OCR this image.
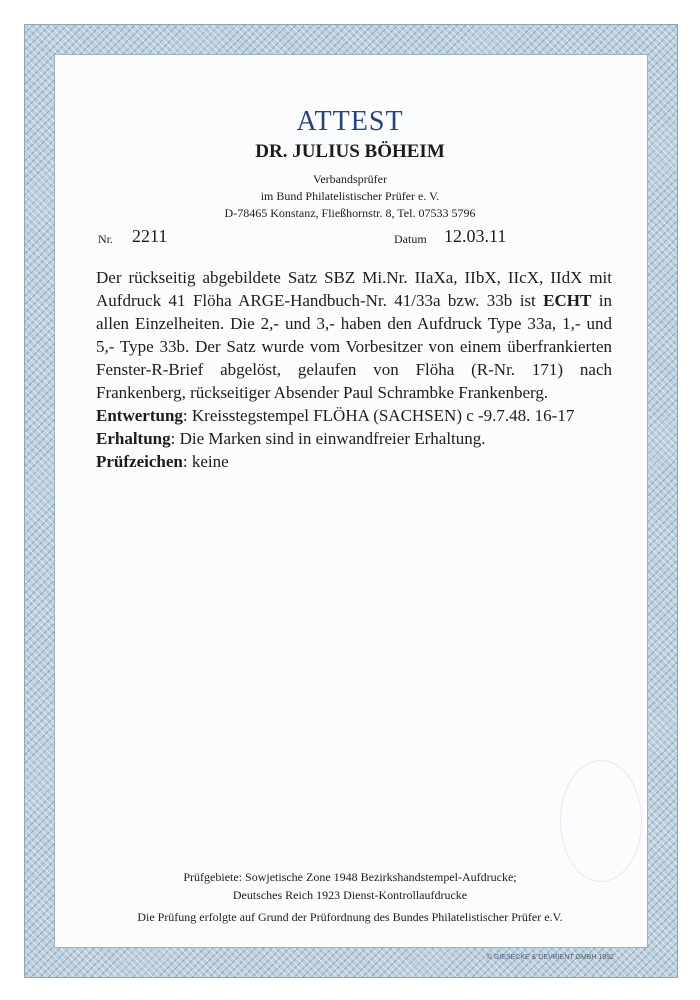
ATTEST
DR. JULIUS BÖHEIM
Verbandsprüfer
im Bund Philatelistischer Prüfer e. V.
D-78465 Konstanz, Fließhornstr. 8, Tel. 07533 5796
Nr. 2211	Datum 12.03.11

Der rückseitig abgebildete Satz SBZ Mi.Nr. IIaXa, IIbX, IIcX, IIdX mit Aufdruck 41 Flöha ARGE-Handbuch-Nr. 41/33a bzw. 33b ist ECHT in allen Einzelheiten. Die 2,- und 3,- haben den Aufdruck Type 33a, 1,- und 5,- Type 33b. Der Satz wurde vom Vorbesitzer von einem überfrankierten Fenster-R-Brief abgelöst, gelaufen von Flöha (R-Nr. 171) nach Frankenberg, rückseitiger Absender Paul Schrambke Frankenberg.

Entwertung: Kreisstegstempel FLÖHA (SACHSEN) c -9.7.48. 16-17

Erhaltung: Die Marken sind in einwandfreier Erhaltung.

Prüfzeichen: keine

Prüfgebiete: Sowjetische Zone 1948 Bezirkshandstempel-Aufdrucke;
Deutsches Reich 1923 Dienst-Kontrollaufdrucke
Die Prüfung erfolgte auf Grund der Prüfordnung des Bundes Philatelistischer Prüfer e.V.
© GIESECKE & DEVRIENT GMBH 1992
